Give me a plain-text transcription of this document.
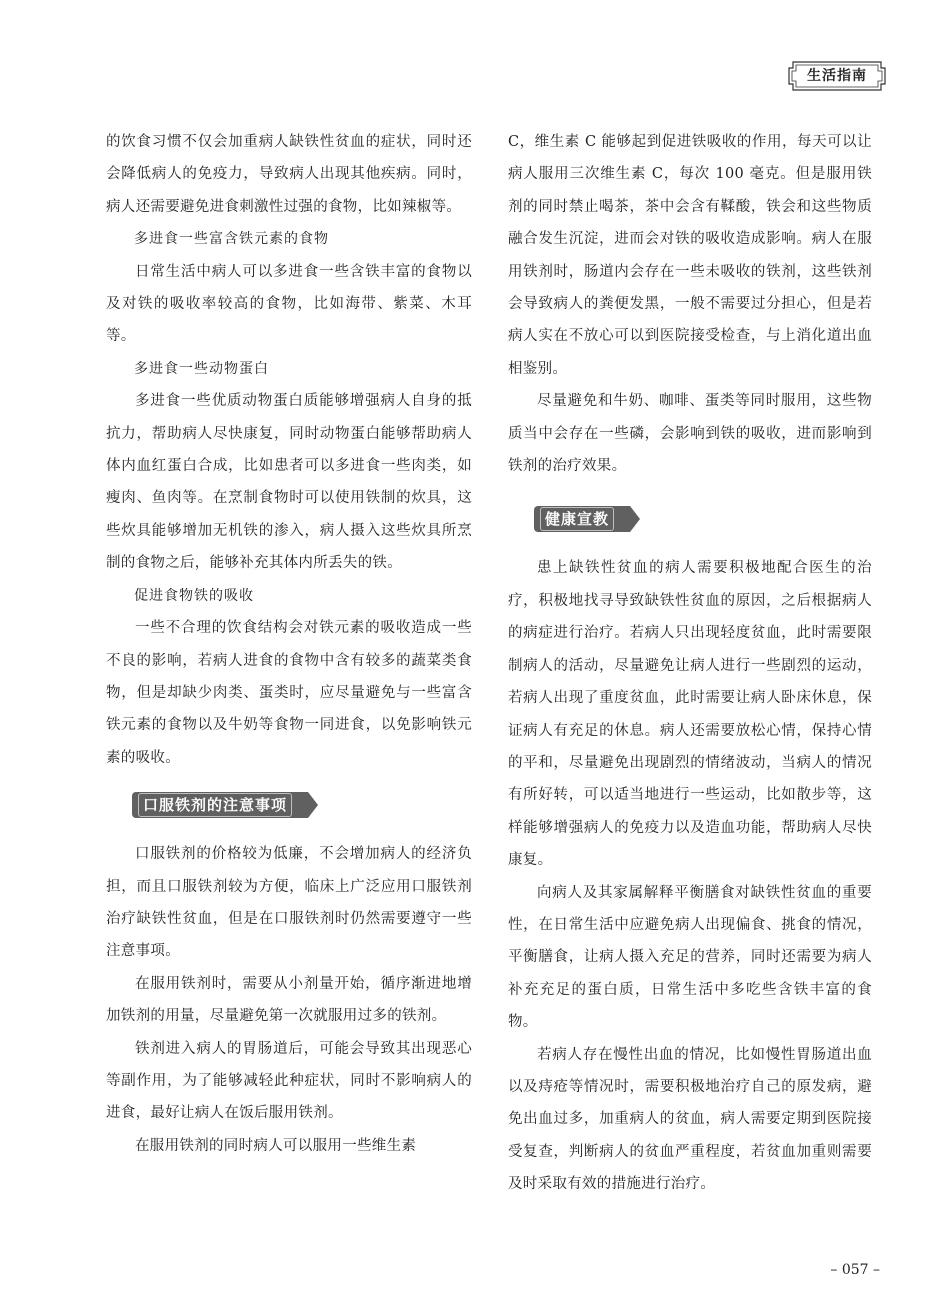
生活指南

的饮食习惯不仅会加重病人缺铁性贫血的症状，同时还会降低病人的免疫力，导致病人出现其他疾病。同时，病人还需要避免进食刺激性过强的食物，比如辣椒等。

多进食一些富含铁元素的食物

日常生活中病人可以多进食一些含铁丰富的食物以及对铁的吸收率较高的食物，比如海带、紫菜、木耳等。

多进食一些动物蛋白

多进食一些优质动物蛋白质能够增强病人自身的抵抗力，帮助病人尽快康复，同时动物蛋白能够帮助病人体内血红蛋白合成，比如患者可以多进食一些肉类，如瘦肉、鱼肉等。在烹制食物时可以使用铁制的炊具，这些炊具能够增加无机铁的渗入，病人摄入这些炊具所烹制的食物之后，能够补充其体内所丢失的铁。

促进食物铁的吸收

一些不合理的饮食结构会对铁元素的吸收造成一些不良的影响，若病人进食的食物中含有较多的蔬菜类食物，但是却缺少肉类、蛋类时，应尽量避免与一些富含铁元素的食物以及牛奶等食物一同进食，以免影响铁元素的吸收。

口服铁剂的注意事项

口服铁剂的价格较为低廉，不会增加病人的经济负担，而且口服铁剂较为方便，临床上广泛应用口服铁剂治疗缺铁性贫血，但是在口服铁剂时仍然需要遵守一些注意事项。

在服用铁剂时，需要从小剂量开始，循序渐进地增加铁剂的用量，尽量避免第一次就服用过多的铁剂。

铁剂进入病人的胃肠道后，可能会导致其出现恶心等副作用，为了能够减轻此种症状，同时不影响病人的进食，最好让病人在饭后服用铁剂。

在服用铁剂的同时病人可以服用一些维生素

C，维生素 C 能够起到促进铁吸收的作用，每天可以让病人服用三次维生素 C，每次 100 毫克。但是服用铁剂的同时禁止喝茶，茶中会含有鞣酸，铁会和这些物质融合发生沉淀，进而会对铁的吸收造成影响。病人在服用铁剂时，肠道内会存在一些未吸收的铁剂，这些铁剂会导致病人的粪便发黑，一般不需要过分担心，但是若病人实在不放心可以到医院接受检查，与上消化道出血相鉴别。

尽量避免和牛奶、咖啡、蛋类等同时服用，这些物质当中会存在一些磷，会影响到铁的吸收，进而影响到铁剂的治疗效果。

健康宣教

患上缺铁性贫血的病人需要积极地配合医生的治疗，积极地找寻导致缺铁性贫血的原因，之后根据病人的病症进行治疗。若病人只出现轻度贫血，此时需要限制病人的活动，尽量避免让病人进行一些剧烈的运动，若病人出现了重度贫血，此时需要让病人卧床休息，保证病人有充足的休息。病人还需要放松心情，保持心情的平和，尽量避免出现剧烈的情绪波动，当病人的情况有所好转，可以适当地进行一些运动，比如散步等，这样能够增强病人的免疫力以及造血功能，帮助病人尽快康复。

向病人及其家属解释平衡膳食对缺铁性贫血的重要性，在日常生活中应避免病人出现偏食、挑食的情况，平衡膳食，让病人摄入充足的营养，同时还需要为病人补充充足的蛋白质，日常生活中多吃些含铁丰富的食物。

若病人存在慢性出血的情况，比如慢性胃肠道出血以及痔疮等情况时，需要积极地治疗自己的原发病，避免出血过多，加重病人的贫血，病人需要定期到医院接受复查，判断病人的贫血严重程度，若贫血加重则需要及时采取有效的措施进行治疗。

– 057 –
